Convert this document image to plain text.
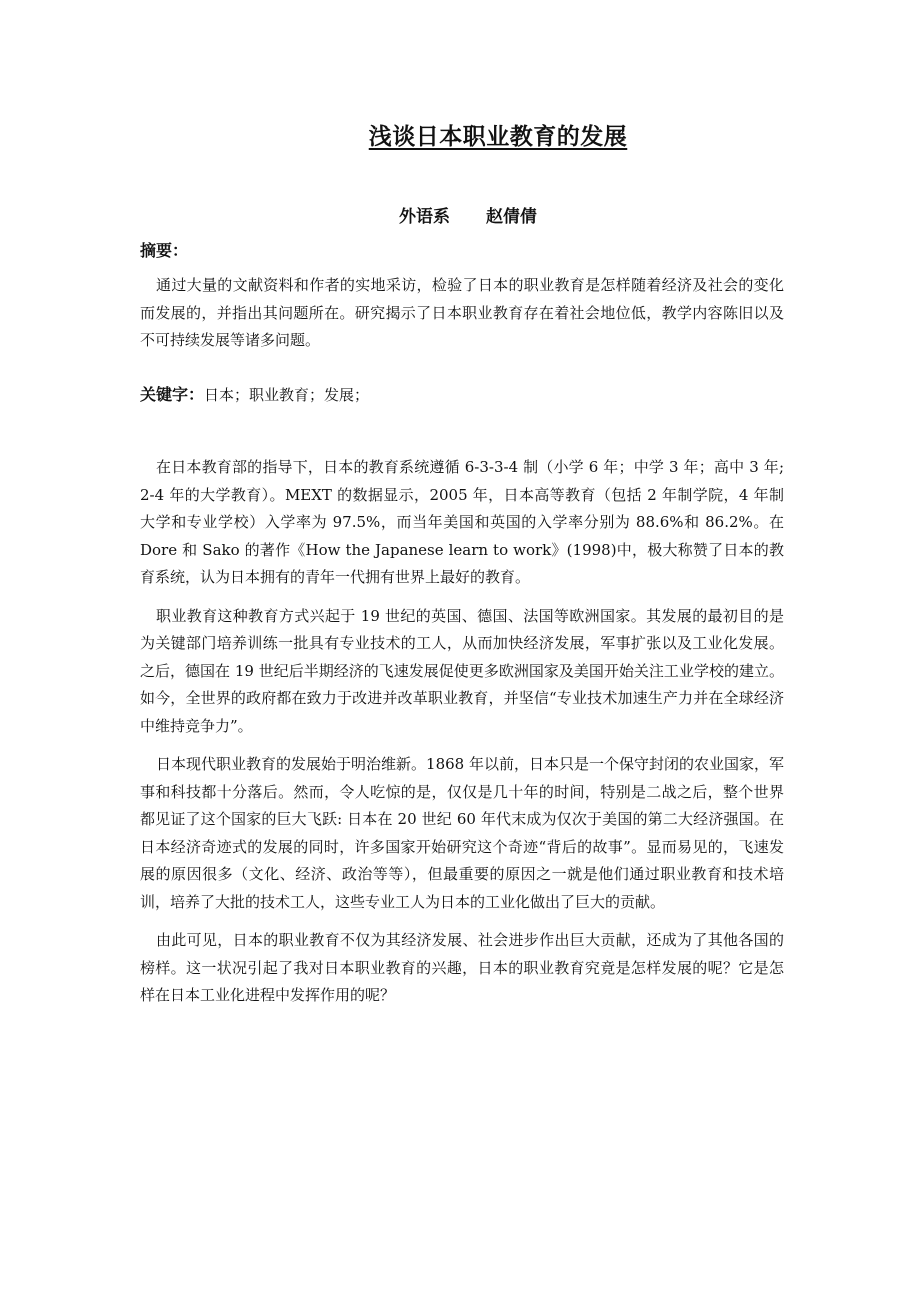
浅谈日本职业教育的发展
外语系 赵倩倩
摘要：

通过大量的文献资料和作者的实地采访，检验了日本的职业教育是怎样随着经济及社会的变化而发展的，并指出其问题所在。研究揭示了日本职业教育存在着社会地位低，教学内容陈旧以及不可持续发展等诸多问题。

关键字：日本；职业教育；发展；

在日本教育部的指导下，日本的教育系统遵循 6-3-3-4 制（小学 6 年；中学 3 年；高中 3 年; 2-4 年的大学教育）。MEXT 的数据显示，2005 年，日本高等教育（包括 2 年制学院，4 年制大学和专业学校）入学率为 97.5%，而当年美国和英国的入学率分别为 88.6%和 86.2%。在 Dore 和 Sako 的著作《How the Japanese learn to work》(1998)中，极大称赞了日本的教育系统，认为日本拥有的青年一代拥有世界上最好的教育。

职业教育这种教育方式兴起于 19 世纪的英国、德国、法国等欧洲国家。其发展的最初目的是为关键部门培养训练一批具有专业技术的工人，从而加快经济发展，军事扩张以及工业化发展。之后，德国在 19 世纪后半期经济的飞速发展促使更多欧洲国家及美国开始关注工业学校的建立。如今，全世界的政府都在致力于改进并改革职业教育，并坚信“专业技术加速生产力并在全球经济中维持竞争力”。

日本现代职业教育的发展始于明治维新。1868 年以前，日本只是一个保守封闭的农业国家，军事和科技都十分落后。然而，令人吃惊的是，仅仅是几十年的时间，特别是二战之后，整个世界都见证了这个国家的巨大飞跃: 日本在 20 世纪 60 年代末成为仅次于美国的第二大经济强国。在日本经济奇迹式的发展的同时，许多国家开始研究这个奇迹“背后的故事”。显而易见的，飞速发展的原因很多（文化、经济、政治等等），但最重要的原因之一就是他们通过职业教育和技术培训，培养了大批的技术工人，这些专业工人为日本的工业化做出了巨大的贡献。

由此可见，日本的职业教育不仅为其经济发展、社会进步作出巨大贡献，还成为了其他各国的榜样。这一状况引起了我对日本职业教育的兴趣，日本的职业教育究竟是怎样发展的呢？它是怎样在日本工业化进程中发挥作用的呢？
